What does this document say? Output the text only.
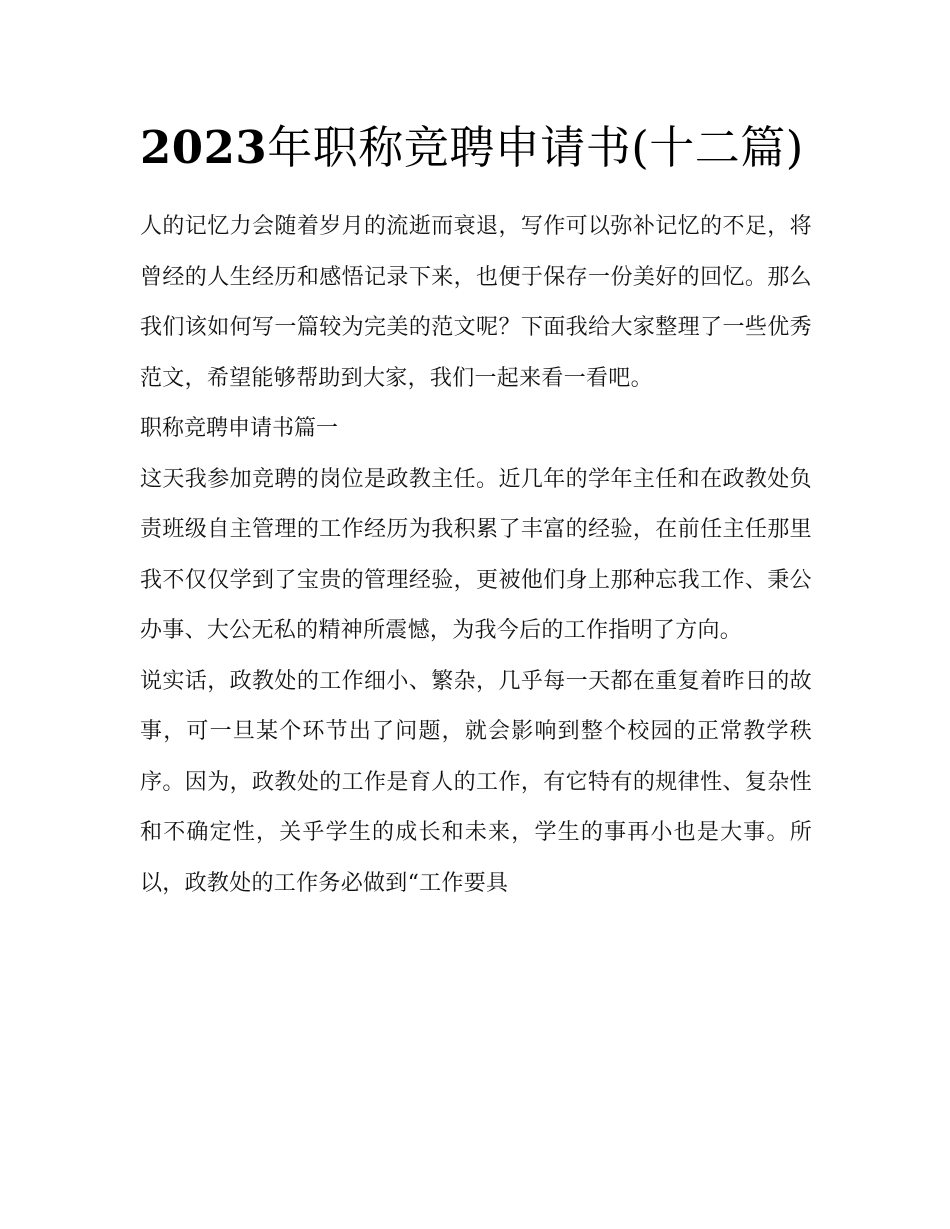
2023年职称竞聘申请书(十二篇)

人的记忆力会随着岁月的流逝而衰退，写作可以弥补记忆的不足，将曾经的人生经历和感悟记录下来，也便于保存一份美好的回忆。那么我们该如何写一篇较为完美的范文呢？下面我给大家整理了一些优秀范文，希望能够帮助到大家，我们一起来看一看吧。

职称竞聘申请书篇一

这天我参加竞聘的岗位是政教主任。近几年的学年主任和在政教处负责班级自主管理的工作经历为我积累了丰富的经验，在前任主任那里我不仅仅学到了宝贵的管理经验，更被他们身上那种忘我工作、秉公办事、大公无私的精神所震憾，为我今后的工作指明了方向。

说实话，政教处的工作细小、繁杂，几乎每一天都在重复着昨日的故事，可一旦某个环节出了问题，就会影响到整个校园的正常教学秩序。因为，政教处的工作是育人的工作，有它特有的规律性、复杂性和不确定性，关乎学生的成长和未来，学生的事再小也是大事。所以，政教处的工作务必做到“工作要具
